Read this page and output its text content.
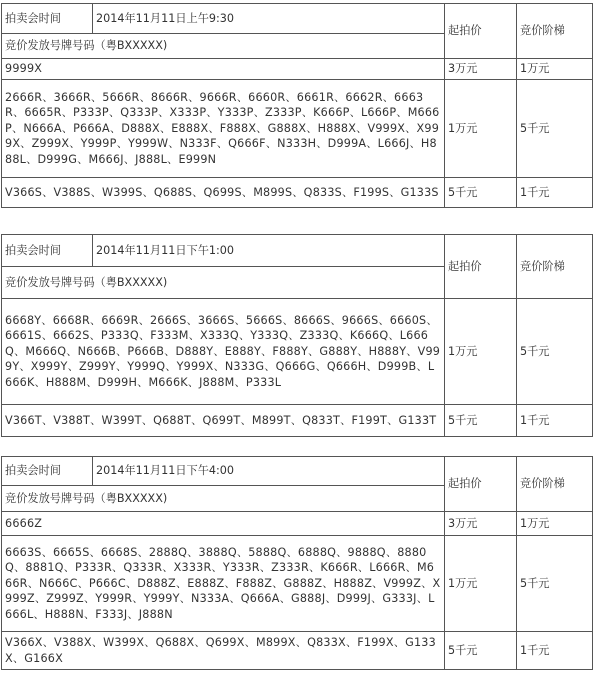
拍卖会时间	2014年11月11日上午9:30	起拍价	竞价阶梯
竞价发放号牌号码（粤BXXXXX)			
9999X		3万元	1万元
2666R、3666R、5666R、8666R、9666R、6660R、6661R、6662R、6663R、6665R、P333P、Q333P、X333P、Y333P、Z333P、K666P、L666P、M666P、N666A、P666A、D888X、E888X、F888X、G888X、H888X、V999X、X999X、Z999X、Y999P、Y999W、N333F、Q666F、N333H、D999A、L666J、H888L、D999G、M666J、J888L、E999N		1万元	5千元
V366S、V388S、W399S、Q688S、Q699S、M899S、Q833S、F199S、G133S		5千元	1千元
拍卖会时间	2014年11月11日下午1:00	起拍价	竞价阶梯
竞价发放号牌号码（粤BXXXXX)			
6668Y、6668R、6669R、2666S、3666S、5666S、8666S、9666S、6660S、6661S、6662S、P333Q、F333M、X333Q、Y333Q、Z333Q、K666Q、L666Q、M666Q、N666B、P666B、D888Y、E888Y、F888Y、G888Y、H888Y、V999Y、X999Y、Z999Y、Y999Q、Y999X、N333G、Q666G、Q666H、D999B、L666K、H888M、D999H、M666K、J888M、P333L		1万元	5千元
V366T、V388T、W399T、Q688T、Q699T、M899T、Q833T、F199T、G133T		5千元	1千元
拍卖会时间	2014年11月11日下午4:00	起拍价	竞价阶梯
竞价发放号牌号码（粤BXXXXX)			
6666Z		3万元	1万元
6663S、6665S、6668S、2888Q、3888Q、5888Q、6888Q、9888Q、8880Q、8881Q、P333R、Q333R、X333R、Y333R、Z333R、K666R、L666R、M666R、N666C、P666C、D888Z、E888Z、F888Z、G888Z、H888Z、V999Z、X999Z、Z999Z、Y999R、Y999Y、N333A、Q666A、G888J、D999J、G333J、L666L、H888N、F333J、J888N		1万元	5千元
V366X、V388X、W399X、Q688X、Q699X、M899X、Q833X、F199X、G133X、G166X		5千元	1千元
